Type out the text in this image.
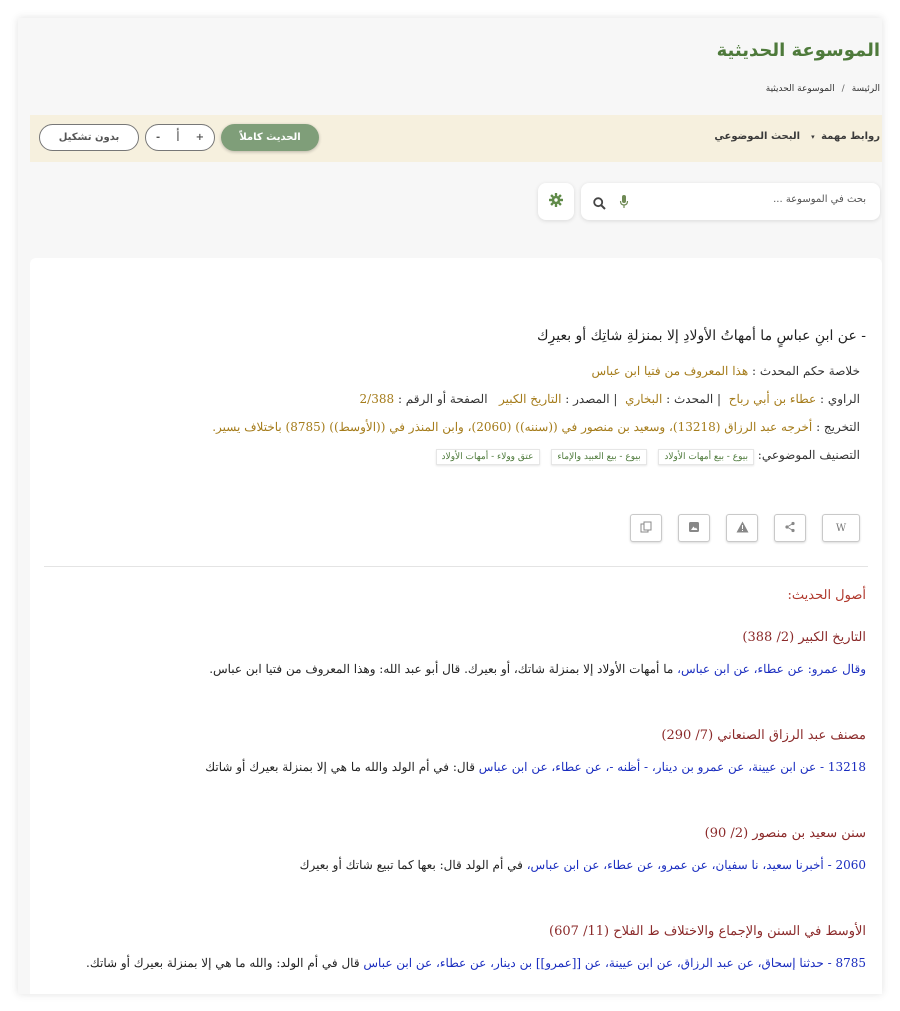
الموسوعة الحديثية
الرئيسة/الموسوعة الحديثية
روابط مهمة ▾
البحث الموضوعي
الحديث كاملاً
- أ +
بدون تشكيل
بحث في الموسوعة ...
- عن ابنِ عباسٍ ما أمهاتُ الأولادِ إلا بمنزلةِ شاتِك أو بعيرِك
خلاصة حكم المحدث : هذا المعروف من فتيا ابن عباس
الراوي : عطاء بن أبي رباح  | المحدث : البخاري  | المصدر : التاريخ الكبير   الصفحة أو الرقم : 2/388
التخريج : أخرجه عبد الرزاق (13218)، وسعيد بن منصور في ((سننه)) (2060)، وابن المنذر في ((الأوسط)) (8785) باختلاف يسير.
التصنيف الموضوعي: بيوع - بيع أمهات الأولاد بيوع - بيع العبيد والإماء عتق وولاء - أمهات الأولاد
W
أصول الحديث:
التاريخ الكبير (2/ 388)
وقال عمرو: عن عطاء، عن ابن عباس، ما أمهات الأولاد إلا بمنزلة شاتك، أو بعيرك. قال أبو عبد الله: وهذا المعروف من فتيا ابن عباس.
مصنف عبد الرزاق الصنعاني (7/ 290)
13218 - عن ابن عيينة، عن عمرو بن دينار، - أظنه -، عن عطاء، عن ابن عباس قال: في أم الولد والله ما هي إلا بمنزلة بعيرك أو شاتك
سنن سعيد بن منصور (2/ 90)
2060 - أخبرنا سعيد، نا سفيان، عن عمرو، عن عطاء، عن ابن عباس، في أم الولد قال: بعها كما تبيع شاتك أو بعيرك
الأوسط في السنن والإجماع والاختلاف ط الفلاح (11/ 607)
8785 - حدثنا إسحاق، عن عبد الرزاق، عن ابن عيينة، عن [[عمرو]] بن دينار، عن عطاء، عن ابن عباس قال في أم الولد: والله ما هي إلا بمنزلة بعيرك أو شاتك.
